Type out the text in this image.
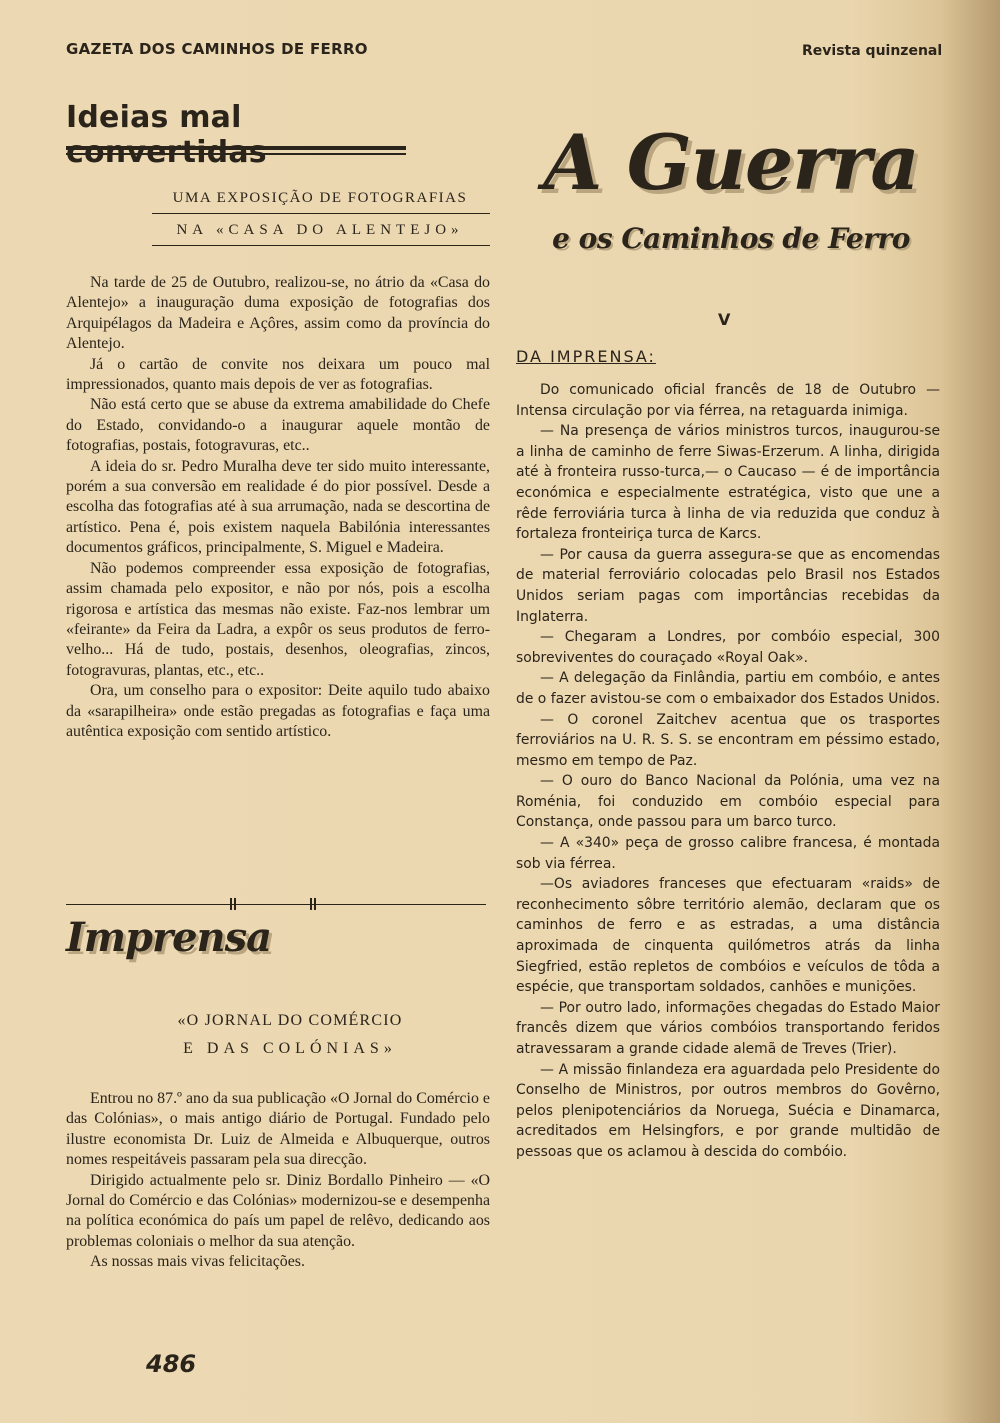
GAZETA DOS CAMINHOS DE FERRO	Revista quinzenal
Ideias mal convertidas
UMA EXPOSIÇÃO DE FOTOGRAFIAS
NA «CASA DO ALENTEJO»

Na tarde de 25 de Outubro, realizou-se, no átrio da «Casa do Alentejo» a inauguração duma exposição de fotografias dos Arquipélagos da Madeira e Açôres, assim como da província do Alentejo.

Já o cartão de convite nos deixara um pouco mal impressionados, quanto mais depois de ver as fotografias.

Não está certo que se abuse da extrema amabilidade do Chefe do Estado, convidando-o a inaugurar aquele montão de fotografias, postais, fotogravuras, etc..

A ideia do sr. Pedro Muralha deve ter sido muito interessante, porém a sua conversão em realidade é do pior possível. Desde a escolha das fotografias até à sua arrumação, nada se descortina de artístico. Pena é, pois existem naquela Babilónia interessantes documentos gráficos, principalmente, S. Miguel e Madeira.

Não podemos compreender essa exposição de fotografias, assim chamada pelo expositor, e não por nós, pois a escolha rigorosa e artística das mesmas não existe. Faz-nos lembrar um «feirante» da Feira da Ladra, a expôr os seus produtos de ferro-velho... Há de tudo, postais, desenhos, oleografias, zincos, fotogravuras, plantas, etc., etc..

Ora, um conselho para o expositor: Deite aquilo tudo abaixo da «sarapilheira» onde estão pregadas as fotografias e faça uma autêntica exposição com sentido artístico.

Imprensa
«O JORNAL DO COMÉRCIO
E DAS COLÓNIAS»

Entrou no 87.º ano da sua publicação «O Jornal do Comércio e das Colónias», o mais antigo diário de Portugal. Fundado pelo ilustre economista Dr. Luiz de Almeida e Albuquerque, outros nomes respeitáveis passaram pela sua direcção.

Dirigido actualmente pelo sr. Diniz Bordallo Pinheiro — «O Jornal do Comércio e das Colónias» modernizou-se e desempenha na política económica do país um papel de relêvo, dedicando aos problemas coloniais o melhor da sua atenção.

As nossas mais vivas felicitações.

486
A Guerra
e os Caminhos de Ferro
V
DA IMPRENSA:

Do comunicado oficial francês de 18 de Outubro — Intensa circulação por via férrea, na retaguarda inimiga.

— Na presença de vários ministros turcos, inaugurou-se a linha de caminho de ferre Siwas-Erzerum. A linha, dirigida até à fronteira russo-turca,— o Caucaso — é de importância económica e especialmente estratégica, visto que une a rêde ferroviária turca à linha de via reduzida que conduz à fortaleza fronteiriça turca de Karcs.

— Por causa da guerra assegura-se que as encomendas de material ferroviário colocadas pelo Brasil nos Estados Unidos seriam pagas com importâncias recebidas da Inglaterra.

— Chegaram a Londres, por combóio especial, 300 sobreviventes do couraçado «Royal Oak».

— A delegação da Finlândia, partiu em combóio, e antes de o fazer avistou-se com o embaixador dos Estados Unidos.

— O coronel Zaitchev acentua que os trasportes ferroviários na U. R. S. S. se encontram em péssimo estado, mesmo em tempo de Paz.

— O ouro do Banco Nacional da Polónia, uma vez na Roménia, foi conduzido em combóio especial para Constança, onde passou para um barco turco.

— A «340» peça de grosso calibre francesa, é montada sob via férrea.

—Os aviadores franceses que efectuaram «raids» de reconhecimento sôbre território alemão, declaram que os caminhos de ferro e as estradas, a uma distância aproximada de cinquenta quilómetros atrás da linha Siegfried, estão repletos de combóios e veículos de tôda a espécie, que transportam soldados, canhões e munições.

— Por outro lado, informações chegadas do Estado Maior francês dizem que vários combóios transportando feridos atravessaram a grande cidade alemã de Treves (Trier).

— A missão finlandeza era aguardada pelo Presidente do Conselho de Ministros, por outros membros do Govêrno, pelos plenipotenciários da Noruega, Suécia e Dinamarca, acreditados em Helsingfors, e por grande multidão de pessoas que os aclamou à descida do combóio.
